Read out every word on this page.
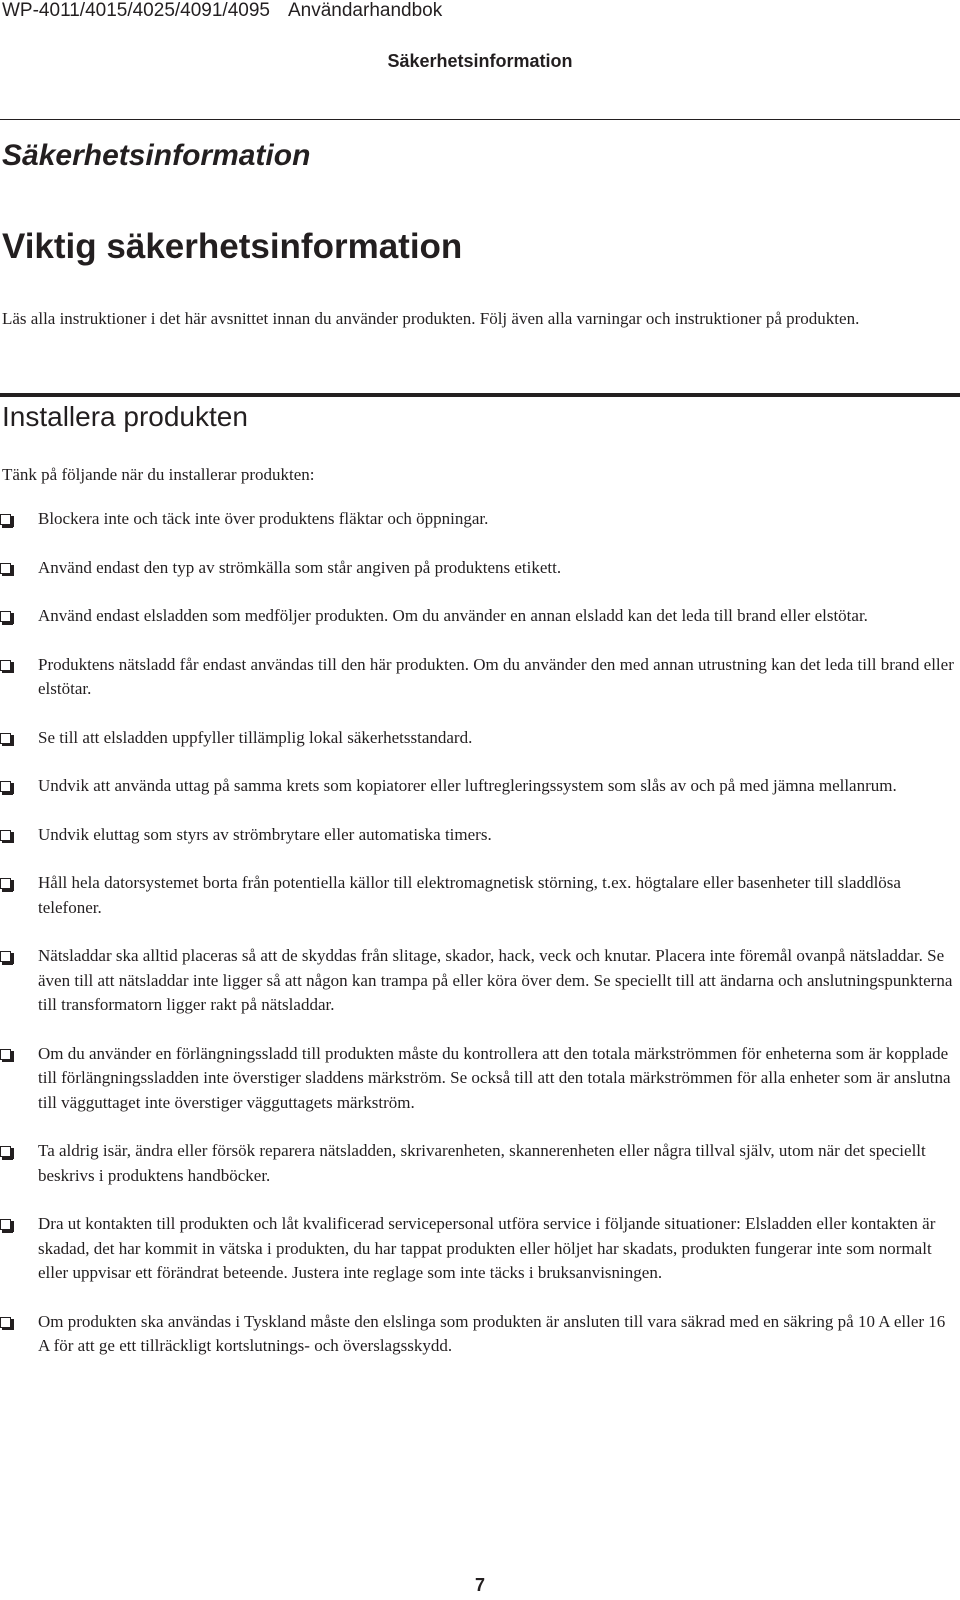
WP-4011/4015/4025/4091/4095 Användarhandbok
Säkerhetsinformation
Säkerhetsinformation
Viktig säkerhetsinformation
Läs alla instruktioner i det här avsnittet innan du använder produkten. Följ även alla varningar och instruktioner på produkten.
Installera produkten
Tänk på följande när du installerar produkten:
Blockera inte och täck inte över produktens fläktar och öppningar.
Använd endast den typ av strömkälla som står angiven på produktens etikett.
Använd endast elsladden som medföljer produkten. Om du använder en annan elsladd kan det leda till brand eller elstötar.
Produktens nätsladd får endast användas till den här produkten. Om du använder den med annan utrustning kan det leda till brand eller elstötar.
Se till att elsladden uppfyller tillämplig lokal säkerhetsstandard.
Undvik att använda uttag på samma krets som kopiatorer eller luftregleringssystem som slås av och på med jämna mellanrum.
Undvik eluttag som styrs av strömbrytare eller automatiska timers.
Håll hela datorsystemet borta från potentiella källor till elektromagnetisk störning, t.ex. högtalare eller basenheter till sladdlösa telefoner.
Nätsladdar ska alltid placeras så att de skyddas från slitage, skador, hack, veck och knutar. Placera inte föremål ovanpå nätsladdar. Se även till att nätsladdar inte ligger så att någon kan trampa på eller köra över dem. Se speciellt till att ändarna och anslutningspunkterna till transformatorn ligger rakt på nätsladdar.
Om du använder en förlängningssladd till produkten måste du kontrollera att den totala märkströmmen för enheterna som är kopplade till förlängningssladden inte överstiger sladdens märkström. Se också till att den totala märkströmmen för alla enheter som är anslutna till vägguttaget inte överstiger vägguttagets märkström.
Ta aldrig isär, ändra eller försök reparera nätsladden, skrivarenheten, skannerenheten eller några tillval själv, utom när det speciellt beskrivs i produktens handböcker.
Dra ut kontakten till produkten och låt kvalificerad servicepersonal utföra service i följande situationer: Elsladden eller kontakten är skadad, det har kommit in vätska i produkten, du har tappat produkten eller höljet har skadats, produkten fungerar inte som normalt eller uppvisar ett förändrat beteende. Justera inte reglage som inte täcks i bruksanvisningen.
Om produkten ska användas i Tyskland måste den elslinga som produkten är ansluten till vara säkrad med en säkring på 10 A eller 16 A för att ge ett tillräckligt kortslutnings- och överslagsskydd.
7
